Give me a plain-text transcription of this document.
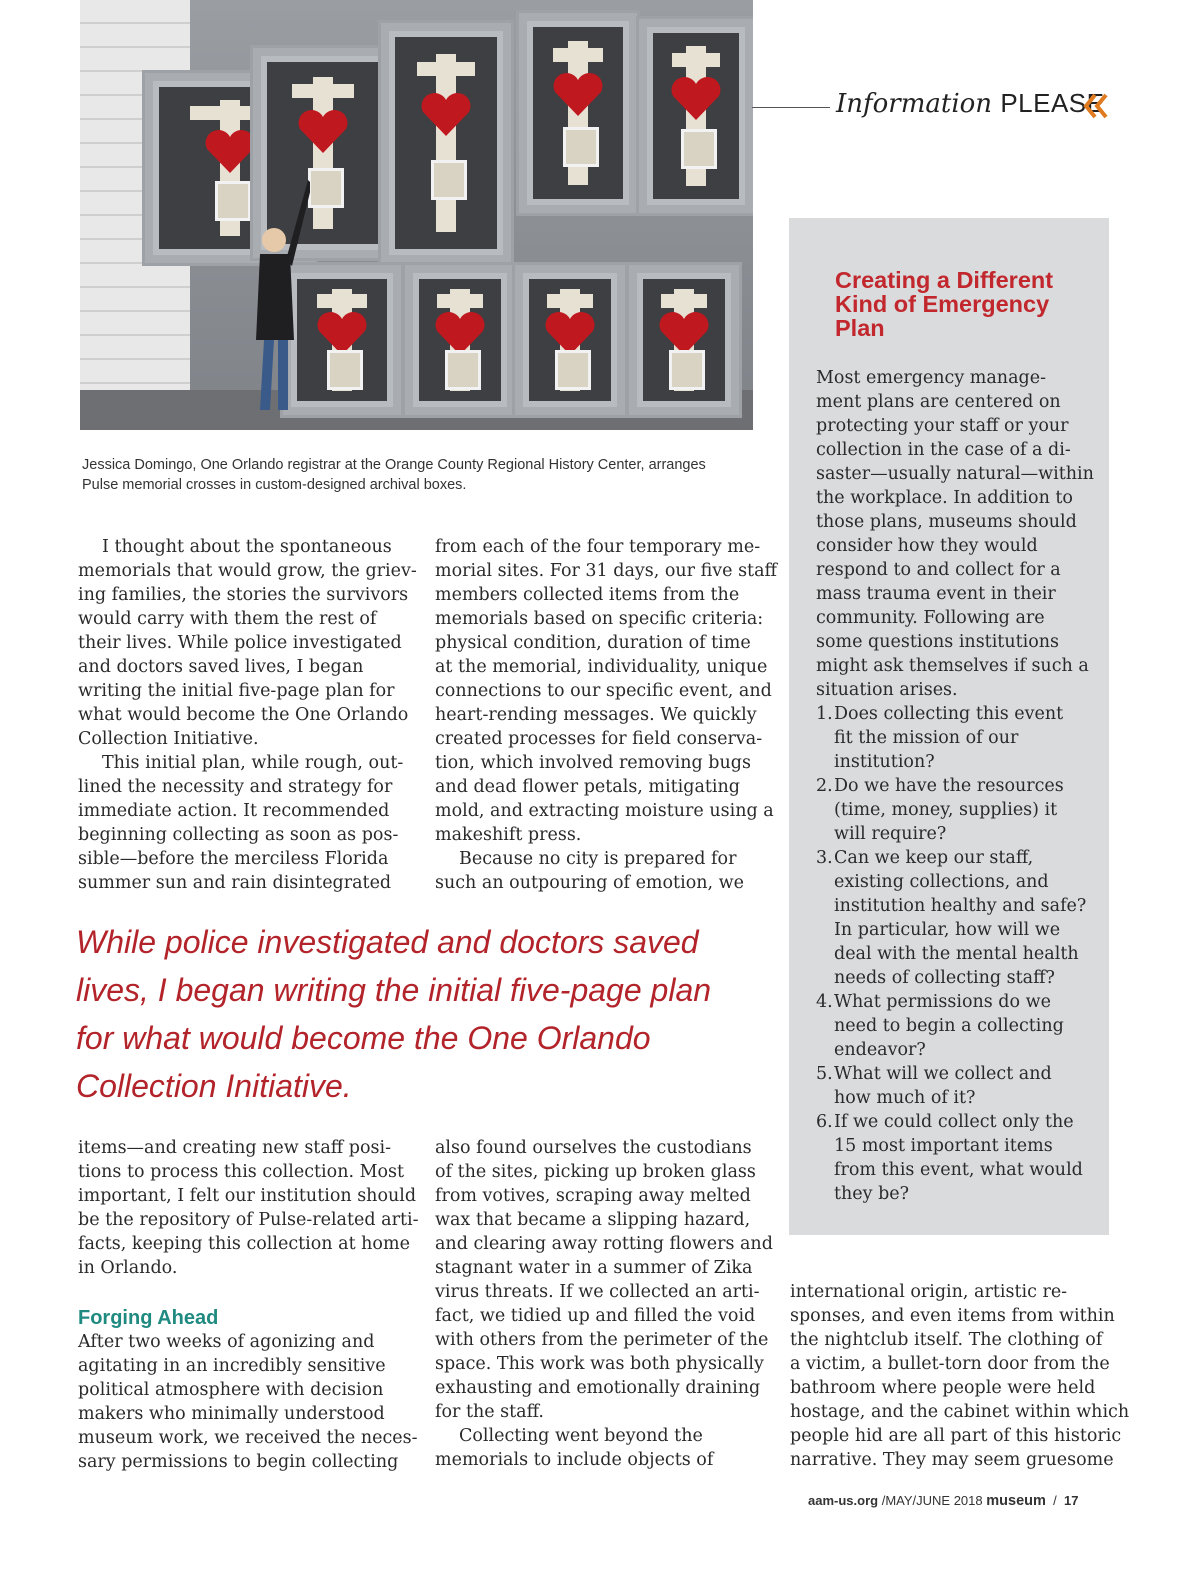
Jessica Domingo, One Orlando registrar at the Orange County Regional History Center, arranges
Pulse memorial crosses in custom-designed archival boxes.
Information PLEASE
Creating a Different
Kind of Emergency
Plan
Most emergency manage-
ment plans are centered on
protecting your staff or your
collection in the case of a di-
saster—usually natural—within
the workplace. In addition to
those plans, museums should
consider how they would
respond to and collect for a
mass trauma event in their
community. Following are
some questions institutions
might ask themselves if such a
situation arises.
1.Does collecting this event
fit the mission of our
institution?
2.Do we have the resources
(time, money, supplies) it
will require?
3.Can we keep our staff,
existing collections, and
institution healthy and safe?
In particular, how will we
deal with the mental health
needs of collecting staff?
4.What permissions do we
need to begin a collecting
endeavor?
5.What will we collect and
how much of it?
6.If we could collect only the
15 most important items
from this event, what would
they be?
I thought about the spontaneous
memorials that would grow, the griev-
ing families, the stories the survivors
would carry with them the rest of
their lives. While police investigated
and doctors saved lives, I began
writing the initial five-page plan for
what would become the One Orlando
Collection Initiative.
This initial plan, while rough, out-
lined the necessity and strategy for
immediate action. It recommended
beginning collecting as soon as pos-
sible—before the merciless Florida
summer sun and rain disintegrated
from each of the four temporary me-
morial sites. For 31 days, our five staff
members collected items from the
memorials based on specific criteria:
physical condition, duration of time
at the memorial, individuality, unique
connections to our specific event, and
heart-rending messages. We quickly
created processes for field conserva-
tion, which involved removing bugs
and dead flower petals, mitigating
mold, and extracting moisture using a
makeshift press.
Because no city is prepared for
such an outpouring of emotion, we
While police investigated and doctors saved
lives, I began writing the initial five-page plan
for what would become the One Orlando
Collection Initiative.
items—and creating new staff posi-
tions to process this collection. Most
important, I felt our institution should
be the repository of Pulse-related arti-
facts, keeping this collection at home
in Orlando.
Forging Ahead
After two weeks of agonizing and
agitating in an incredibly sensitive
political atmosphere with decision
makers who minimally understood
museum work, we received the neces-
sary permissions to begin collecting
also found ourselves the custodians
of the sites, picking up broken glass
from votives, scraping away melted
wax that became a slipping hazard,
and clearing away rotting flowers and
stagnant water in a summer of Zika
virus threats. If we collected an arti-
fact, we tidied up and filled the void
with others from the perimeter of the
space. This work was both physically
exhausting and emotionally draining
for the staff.
Collecting went beyond the
memorials to include objects of
international origin, artistic re-
sponses, and even items from within
the nightclub itself. The clothing of
a victim, a bullet-torn door from the
bathroom where people were held
hostage, and the cabinet within which
people hid are all part of this historic
narrative. They may seem gruesome
aam-us.org /MAY/JUNE 2018 museum / 17
